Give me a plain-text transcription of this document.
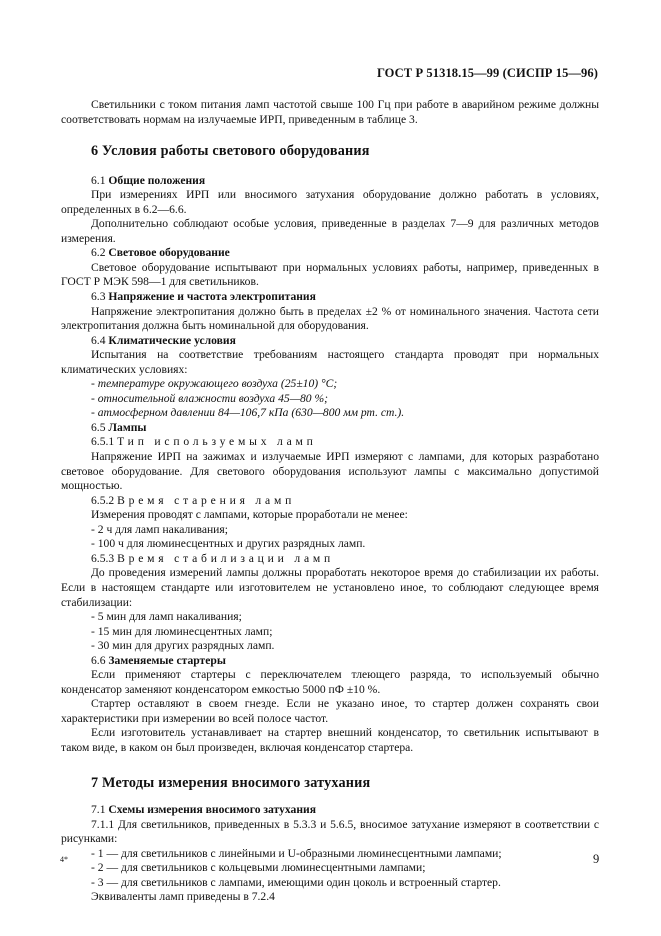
ГОСТ Р 51318.15—99 (СИСПР 15—96)

Светильники с током питания ламп частотой свыше 100 Гц при работе в аварийном режиме должны соответствовать нормам на излучаемые ИРП, приведенным в таблице 3.

6 Условия работы светового оборудования

6.1 Общие положения

При измерениях ИРП или вносимого затухания оборудование должно работать в условиях, определенных в 6.2—6.6.

Дополнительно соблюдают особые условия, приведенные в разделах 7—9 для различных методов измерения.

6.2 Световое оборудование

Световое оборудование испытывают при нормальных условиях работы, например, приведенных в ГОСТ Р МЭК 598—1 для светильников.

6.3 Напряжение и частота электропитания

Напряжение электропитания должно быть в пределах ±2 % от номинального значения. Частота сети электропитания должна быть номинальной для оборудования.

6.4 Климатические условия

Испытания на соответствие требованиям настоящего стандарта проводят при нормальных климатических условиях:

- температуре окружающего воздуха (25±10) °С;

- относительной влажности воздуха 45—80 %;

- атмосферном давлении 84—106,7 кПа (630—800 мм рт. ст.).

6.5 Лампы

6.5.1 Тип используемых ламп

Напряжение ИРП на зажимах и излучаемые ИРП измеряют с лампами, для которых разработано световое оборудование. Для светового оборудования используют лампы с максимально допустимой мощностью.

6.5.2 Время старения ламп

Измерения проводят с лампами, которые проработали не менее:

- 2 ч для ламп накаливания;

- 100 ч для люминесцентных и других разрядных ламп.

6.5.3 Время стабилизации ламп

До проведения измерений лампы должны проработать некоторое время до стабилизации их работы. Если в настоящем стандарте или изготовителем не установлено иное, то соблюдают следующее время стабилизации:

- 5 мин для ламп накаливания;

- 15 мин для люминесцентных ламп;

- 30 мин для других разрядных ламп.

6.6 Заменяемые стартеры

Если применяют стартеры с переключателем тлеющего разряда, то используемый обычно конденсатор заменяют конденсатором емкостью 5000 пФ ±10 %.

Стартер оставляют в своем гнезде. Если не указано иное, то стартер должен сохранять свои характеристики при измерении во всей полосе частот.

Если изготовитель устанавливает на стартер внешний конденсатор, то светильник испытывают в таком виде, в каком он был произведен, включая конденсатор стартера.

7 Методы измерения вносимого затухания

7.1 Схемы измерения вносимого затухания

7.1.1 Для светильников, приведенных в 5.3.3 и 5.6.5, вносимое затухание измеряют в соответствии с рисунками:

- 1 — для светильников с линейными и U-образными люминесцентными лампами;

- 2 — для светильников с кольцевыми люминесцентными лампами;

- 3 — для светильников с лампами, имеющими один цоколь и встроенный стартер.

Эквиваленты ламп приведены в 7.2.4

4*	9
